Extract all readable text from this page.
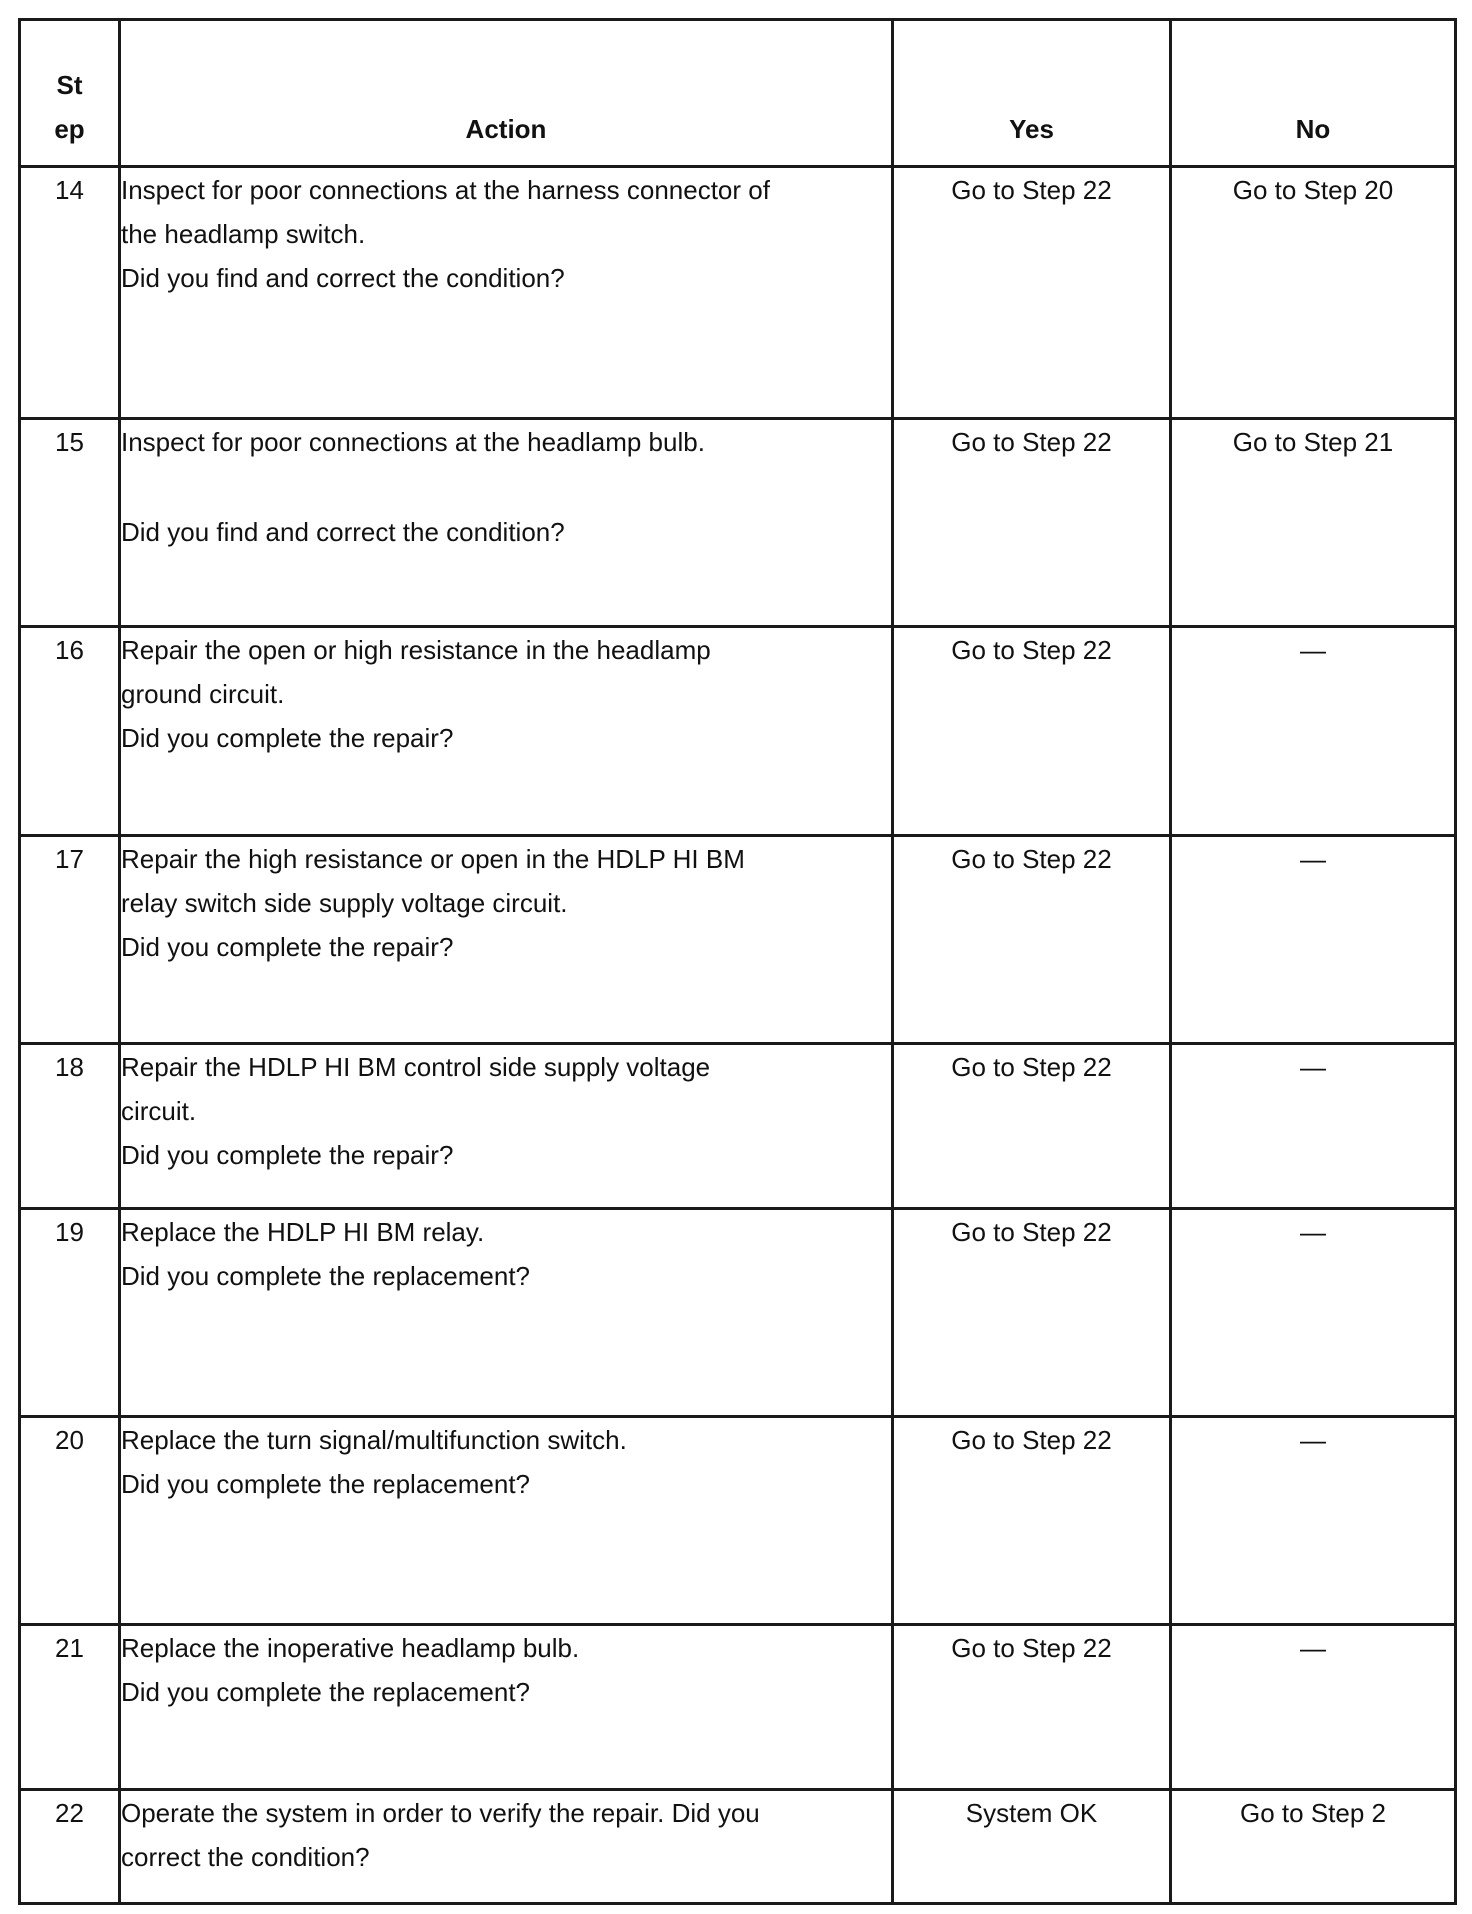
St
ep	Action	Yes	No
14	Inspect for poor connections at the harness connector of
the headlamp switch.
Did you find and correct the condition?	Go to Step 22	Go to Step 20
15	Inspect for poor connections at the headlamp bulb.
Did you find and correct the condition?	Go to Step 22	Go to Step 21
16	Repair the open or high resistance in the headlamp
ground circuit.
Did you complete the repair?	Go to Step 22	—
17	Repair the high resistance or open in the HDLP HI BM
relay switch side supply voltage circuit.
Did you complete the repair?	Go to Step 22	—
18	Repair the HDLP HI BM control side supply voltage
circuit.
Did you complete the repair?	Go to Step 22	—
19	Replace the HDLP HI BM relay.
Did you complete the replacement?	Go to Step 22	—
20	Replace the turn signal/multifunction switch.
Did you complete the replacement?	Go to Step 22	—
21	Replace the inoperative headlamp bulb.
Did you complete the replacement?	Go to Step 22	—
22	Operate the system in order to verify the repair. Did you
correct the condition?	System OK	Go to Step 2
